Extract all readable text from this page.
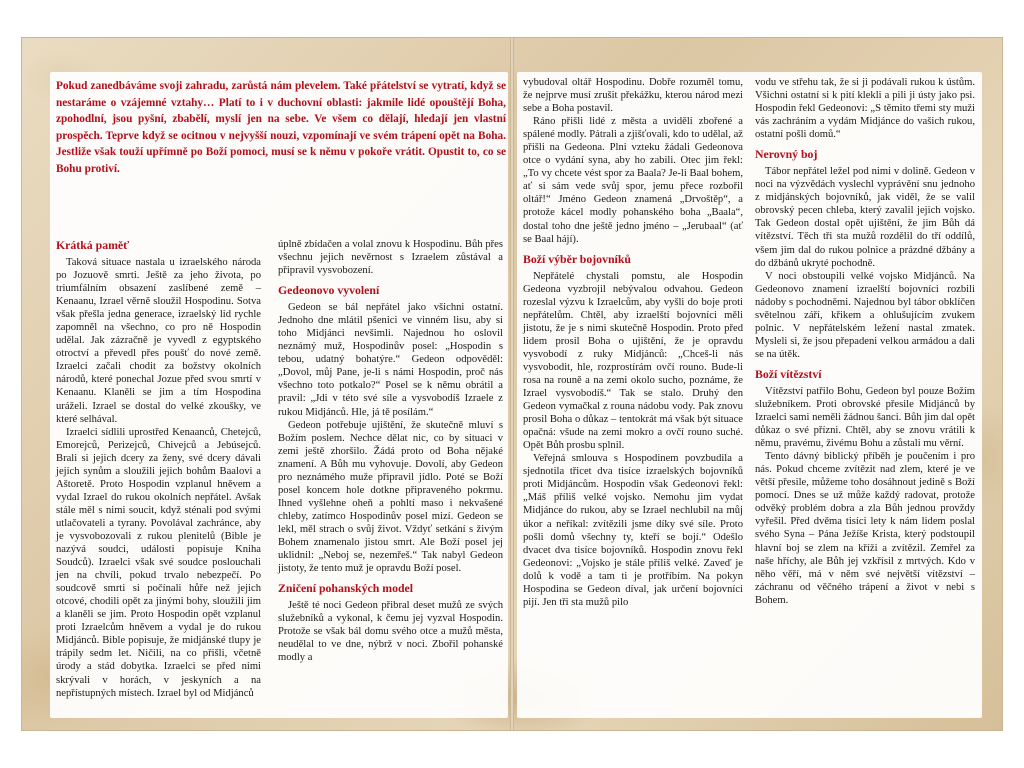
Pokud zanedbáváme svoji zahradu, zarůstá nám plevelem. Také přátelství se vytratí, když se nestaráme o vzájemné vztahy… Platí to i v duchovní oblasti: jakmile lidé opouštějí Boha, zpohodlní, jsou pyšní, zbabělí, myslí jen na sebe. Ve všem co dělají, hledají jen vlastní prospěch. Teprve když se ocitnou v nejvyšší nouzi, vzpomínají ve svém trápení opět na Boha. Jestliže však touží upřímně po Boží pomoci, musí se k němu v pokoře vrátit. Opustit to, co se Bohu protiví.

Krátká paměť

Taková situace nastala u izraelského národa po Jozuově smrti. Ještě za jeho života, po triumfálním obsazení zaslíbené země – Kenaanu, Izrael věrně sloužil Hospodinu. Sotva však přešla jedna generace, izraelský lid rychle zapomněl na všechno, co pro ně Hospodin udělal. Jak zázračně je vyvedl z egyptského otroctví a převedl přes poušť do nové země. Izraelci začali chodit za božstvy okolních národů, které ponechal Jozue před svou smrtí v Kenaanu. Klaněli se jim a tím Hospodina uráželi. Izrael se dostal do velké zkoušky, ve které selhával.

Izraelci sídlili uprostřed Kenaanců, Chetejců, Emorejců, Perizejců, Chivejců a Jebúsejců. Brali si jejich dcery za ženy, své dcery dávali jejich synům a sloužili jejich bohům Baalovi a Aštoretě. Proto Hospodin vzplanul hněvem a vydal Izrael do rukou okolních nepřátel. Avšak stále měl s nimi soucit, když sténali pod svými utlačovateli a tyrany. Povolával zachránce, aby je vysvobozovali z rukou plenitelů (Bible je nazývá soudci, události popisuje Kniha Soudců). Izraelci však své soudce poslouchali jen na chvíli, pokud trvalo nebezpečí. Po soudcově smrti si počínali hůře než jejich otcové, chodili opět za jinými bohy, sloužili jim a klaněli se jim. Proto Hospodin opět vzplanul proti Izraelcům hněvem a vydal je do rukou Midjánců. Bible popisuje, že midjánské tlupy je trápily sedm let. Ničili, na co přišli, včetně úrody a stád dobytka. Izraelci se před nimi skrývali v horách, v jeskyních a na nepřístupných místech. Izrael byl od Midjánců

úplně zbídačen a volal znovu k Hospodinu. Bůh přes všechnu jejich nevěrnost s Izraelem zůstával a připravil vysvobození.

Gedeonovo vyvolení

Gedeon se bál nepřátel jako všichni ostatní. Jednoho dne mlátil pšenici ve vinném lisu, aby si toho Midjánci nevšimli. Najednou ho oslovil neznámý muž, Hospodinův posel: „Hospodin s tebou, udatný bohatýre.“ Gedeon odpověděl: „Dovol, můj Pane, je-li s námi Hospodin, proč nás všechno toto potkalo?“ Posel se k němu obrátil a pravil: „Jdi v této své síle a vysvobodíš Izraele z rukou Midjánců. Hle, já tě posílám.“

Gedeon potřebuje ujištění, že skutečně mluví s Božím poslem. Nechce dělat nic, co by situaci v zemi ještě zhoršilo. Žádá proto od Boha nějaké znamení. A Bůh mu vyhovuje. Dovolí, aby Gedeon pro neznámého muže připravil jídlo. Poté se Boží posel koncem hole dotkne připraveného pokrmu. Ihned vyšlehne oheň a pohltí maso i nekvašené chleby, zatímco Hospodinův posel mizí. Gedeon se lekl, měl strach o svůj život. Vždyť setkání s živým Bohem znamenalo jistou smrt. Ale Boží posel jej uklidnil: „Neboj se, nezemřeš.“ Tak nabyl Gedeon jistoty, že tento muž je opravdu Boží posel.

Zničení pohanských model

Ještě té noci Gedeon přibral deset mužů ze svých služebníků a vykonal, k čemu jej vyzval Hospodin. Protože se však bál domu svého otce a mužů města, neudělal to ve dne, nýbrž v noci. Zbořil pohanské modly a

vybudoval oltář Hospodinu. Dobře rozuměl tomu, že nejprve musí zrušit překážku, kterou národ mezi sebe a Boha postavil.

Ráno přišli lidé z města a uviděli zbořené a spálené modly. Pátrali a zjišťovali, kdo to udělal, až přišli na Gedeona. Plni vzteku žádali Gedeonova otce o vydání syna, aby ho zabili. Otec jim řekl: „To vy chcete vést spor za Baala? Je-li Baal bohem, ať si sám vede svůj spor, jemu přece rozbořil oltář!“ Jméno Gedeon znamená „Drvoštěp“, a protože kácel modly pohanského boha „Baala“, dostal toho dne ještě jedno jméno – „Jerubaal“ (ať se Baal hájí).

Boží výběr bojovníků

Nepřátelé chystali pomstu, ale Hospodin Gedeona vyzbrojil nebývalou odvahou. Gedeon rozeslal výzvu k Izraelcům, aby vyšli do boje proti nepřátelům. Chtěl, aby izraelští bojovníci měli jistotu, že je s nimi skutečně Hospodin. Proto před lidem prosil Boha o ujištění, že je opravdu vysvobodí z ruky Midjánců: „Chceš-li nás vysvobodit, hle, rozprostírám ovčí rouno. Bude-li rosa na rouně a na zemi okolo sucho, poznáme, že Izrael vysvobodíš.“ Tak se stalo. Druhý den Gedeon vymačkal z rouna nádobu vody. Pak znovu prosil Boha o důkaz – tentokrát má však být situace opačná: všude na zemi mokro a ovčí rouno suché. Opět Bůh prosbu splnil.

Veřejná smlouva s Hospodinem povzbudila a sjednotila třicet dva tisíce izraelských bojovníků proti Midjáncům. Hospodin však Gedeonovi řekl: „Máš příliš velké vojsko. Nemohu jim vydat Midjánce do rukou, aby se Izrael nechlubil na můj úkor a neříkal: zvítězili jsme díky své síle. Proto pošli domů všechny ty, kteří se bojí.“ Odešlo dvacet dva tisíce bojovníků. Hospodin znovu řekl Gedeonovi: „Vojsko je stále příliš velké. Zaveď je dolů k vodě a tam ti je protříbím. Na pokyn Hospodina se Gedeon díval, jak určení bojovníci pijí. Jen tři sta mužů pilo

vodu ve střehu tak, že si ji podávali rukou k ústům. Všichni ostatní si k pití klekli a pili ji ústy jako psi. Hospodin řekl Gedeonovi: „S těmito třemi sty muži vás zachráním a vydám Midjánce do vašich rukou, ostatní pošli domů.“

Nerovný boj

Tábor nepřátel ležel pod nimi v dolině. Gedeon v noci na výzvědách vyslechl vyprávění snu jednoho z midjánských bojovníků, jak viděl, že se valil obrovský pecen chleba, který zavalil jejich vojsko. Tak Gedeon dostal opět ujištění, že jim Bůh dá vítězství. Těch tři sta mužů rozdělil do tří oddílů, všem jim dal do rukou polnice a prázdné džbány a do džbánů ukryté pochodně.

V noci obstoupili velké vojsko Midjánců. Na Gedeonovo znamení izraelští bojovníci rozbili nádoby s pochodněmi. Najednou byl tábor obklíčen světelnou září, křikem a ohlušujícím zvukem polnic. V nepřátelském ležení nastal zmatek. Mysleli si, že jsou přepadeni velkou armádou a dali se na útěk.

Boží vítězství

Vítězství patřilo Bohu, Gedeon byl pouze Božím služebníkem. Proti obrovské přesile Midjánců by Izraelci sami neměli žádnou šanci. Bůh jim dal opět důkaz o své přízni. Chtěl, aby se znovu vrátili k němu, pravému, živému Bohu a zůstali mu věrní.

Tento dávný biblický příběh je poučením i pro nás. Pokud chceme zvítězit nad zlem, které je ve větší přesile, můžeme toho dosáhnout jedině s Boží pomocí. Dnes se už může každý radovat, protože odvěký problém dobra a zla Bůh jednou provždy vyřešil. Před dvěma tisíci lety k nám lidem poslal svého Syna – Pána Ježíše Krista, který podstoupil hlavní boj se zlem na kříži a zvítězil. Zemřel za naše hříchy, ale Bůh jej vzkřísil z mrtvých. Kdo v něho věří, má v něm své největší vítězství – záchranu od věčného trápení a život v nebi s Bohem.
